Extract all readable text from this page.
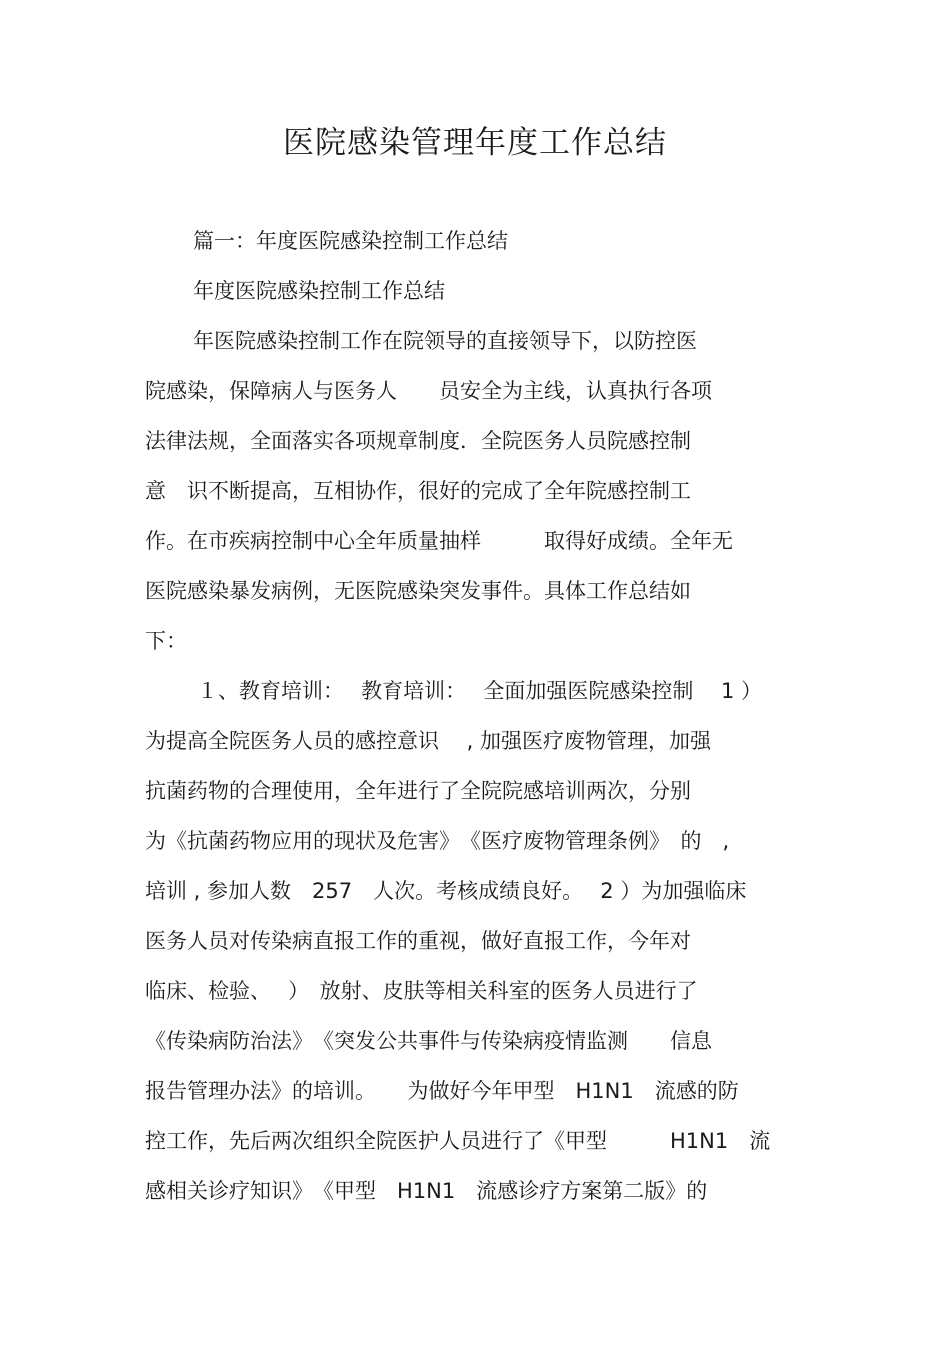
医院感染管理年度工作总结

篇一：年度医院感染控制工作总结

年度医院感染控制工作总结

年医院感染控制工作在院领导的直接领导下，以防控医

院感染，保障病人与医务人　　员安全为主线，认真执行各项

法律法规，全面落实各项规章制度．全院医务人员院感控制

意　识不断提高，互相协作，很好的完成了全年院感控制工

作。在市疾病控制中心全年质量抽样　　　取得好成绩。全年无

医院感染暴发病例，无医院感染突发事件。具体工作总结如

下：

１、教育培训：　 教育培训：　 全面加强医院感染控制　 1 ）

为提高全院医务人员的感控意识　 , 加强医疗废物管理，加强

抗菌药物的合理使用，全年进行了全院院感培训两次，分别

为《抗菌药物应用的现状及危害》　《医疗废物管理条例》　的　,

培训 , 参加人数　257　人次。考核成绩良好。　 2 ）为加强临床

医务人员对传染病直报工作的重视，做好直报工作，今年对

临床、检验、　 ）　放射、皮肤等相关科室的医务人员进行了

《传染病防治法》　《突发公共事件与传染病疫情监测　　信息

报告管理办法》的培训。　　为做好今年甲型　H1N1　流感的防

控工作，先后两次组织全院医护人员进行了《甲型　　　H1N1　流

感相关诊疗知识》　《甲型　H1N1　流感诊疗方案第二版》的
